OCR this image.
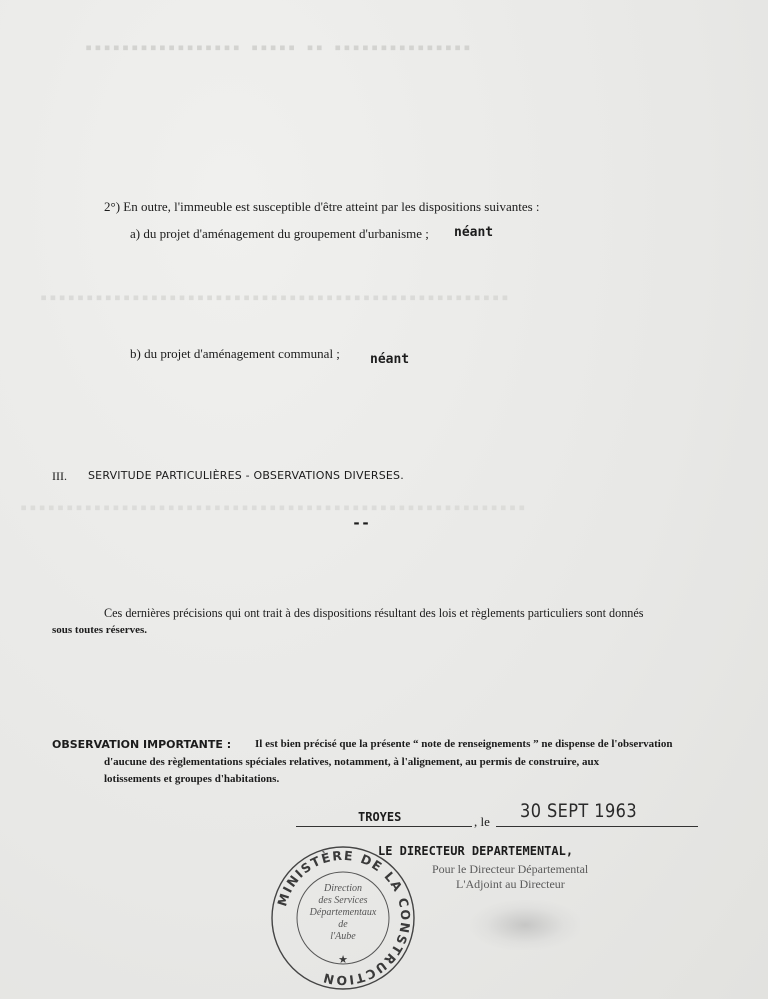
▪▪▪▪▪▪▪▪▪▪▪▪▪▪▪▪▪ ▪▪▪▪▪ ▪▪ ▪▪▪▪▪▪▪▪▪▪▪▪▪▪▪
▪▪▪▪▪▪▪▪▪▪▪▪▪▪▪▪▪▪▪▪▪▪▪▪▪▪▪▪▪▪▪▪▪▪▪▪▪▪▪▪▪▪▪▪▪▪▪▪▪▪▪
▪▪▪▪▪▪▪▪▪▪▪▪▪▪▪▪▪▪▪▪▪▪▪▪▪▪▪▪▪▪▪▪▪▪▪▪▪▪▪▪▪▪▪▪▪▪▪▪▪▪▪▪▪▪▪
2°) En outre, l'immeuble est susceptible d'être atteint par les dispositions suivantes :
a) du projet d'aménagement du groupement d'urbanisme ; néant
b) du projet d'aménagement communal ; néant
III. SERVITUDE PARTICULIÈRES - OBSERVATIONS DIVERSES.
--
Ces dernières précisions qui ont trait à des dispositions résultant des lois et règlements particuliers sont donnés
sous toutes réserves.
OBSERVATION IMPORTANTE : Il est bien précisé que la présente “ note de renseignements ” ne dispense de l'observation
d'aucune des règlementations spéciales relatives, notamment, à l'alignement, au permis de construire, aux
lotissements et groupes d'habitations.
TROYES	, le 30 SEPT 1963
LE DIRECTEUR DEPARTEMENTAL,
Pour le Directeur Départemental
L'Adjoint au Directeur
MINISTÈRE DE LA CONSTRUCTION
★
Direction
des Services
Départementaux
de
l'Aube
